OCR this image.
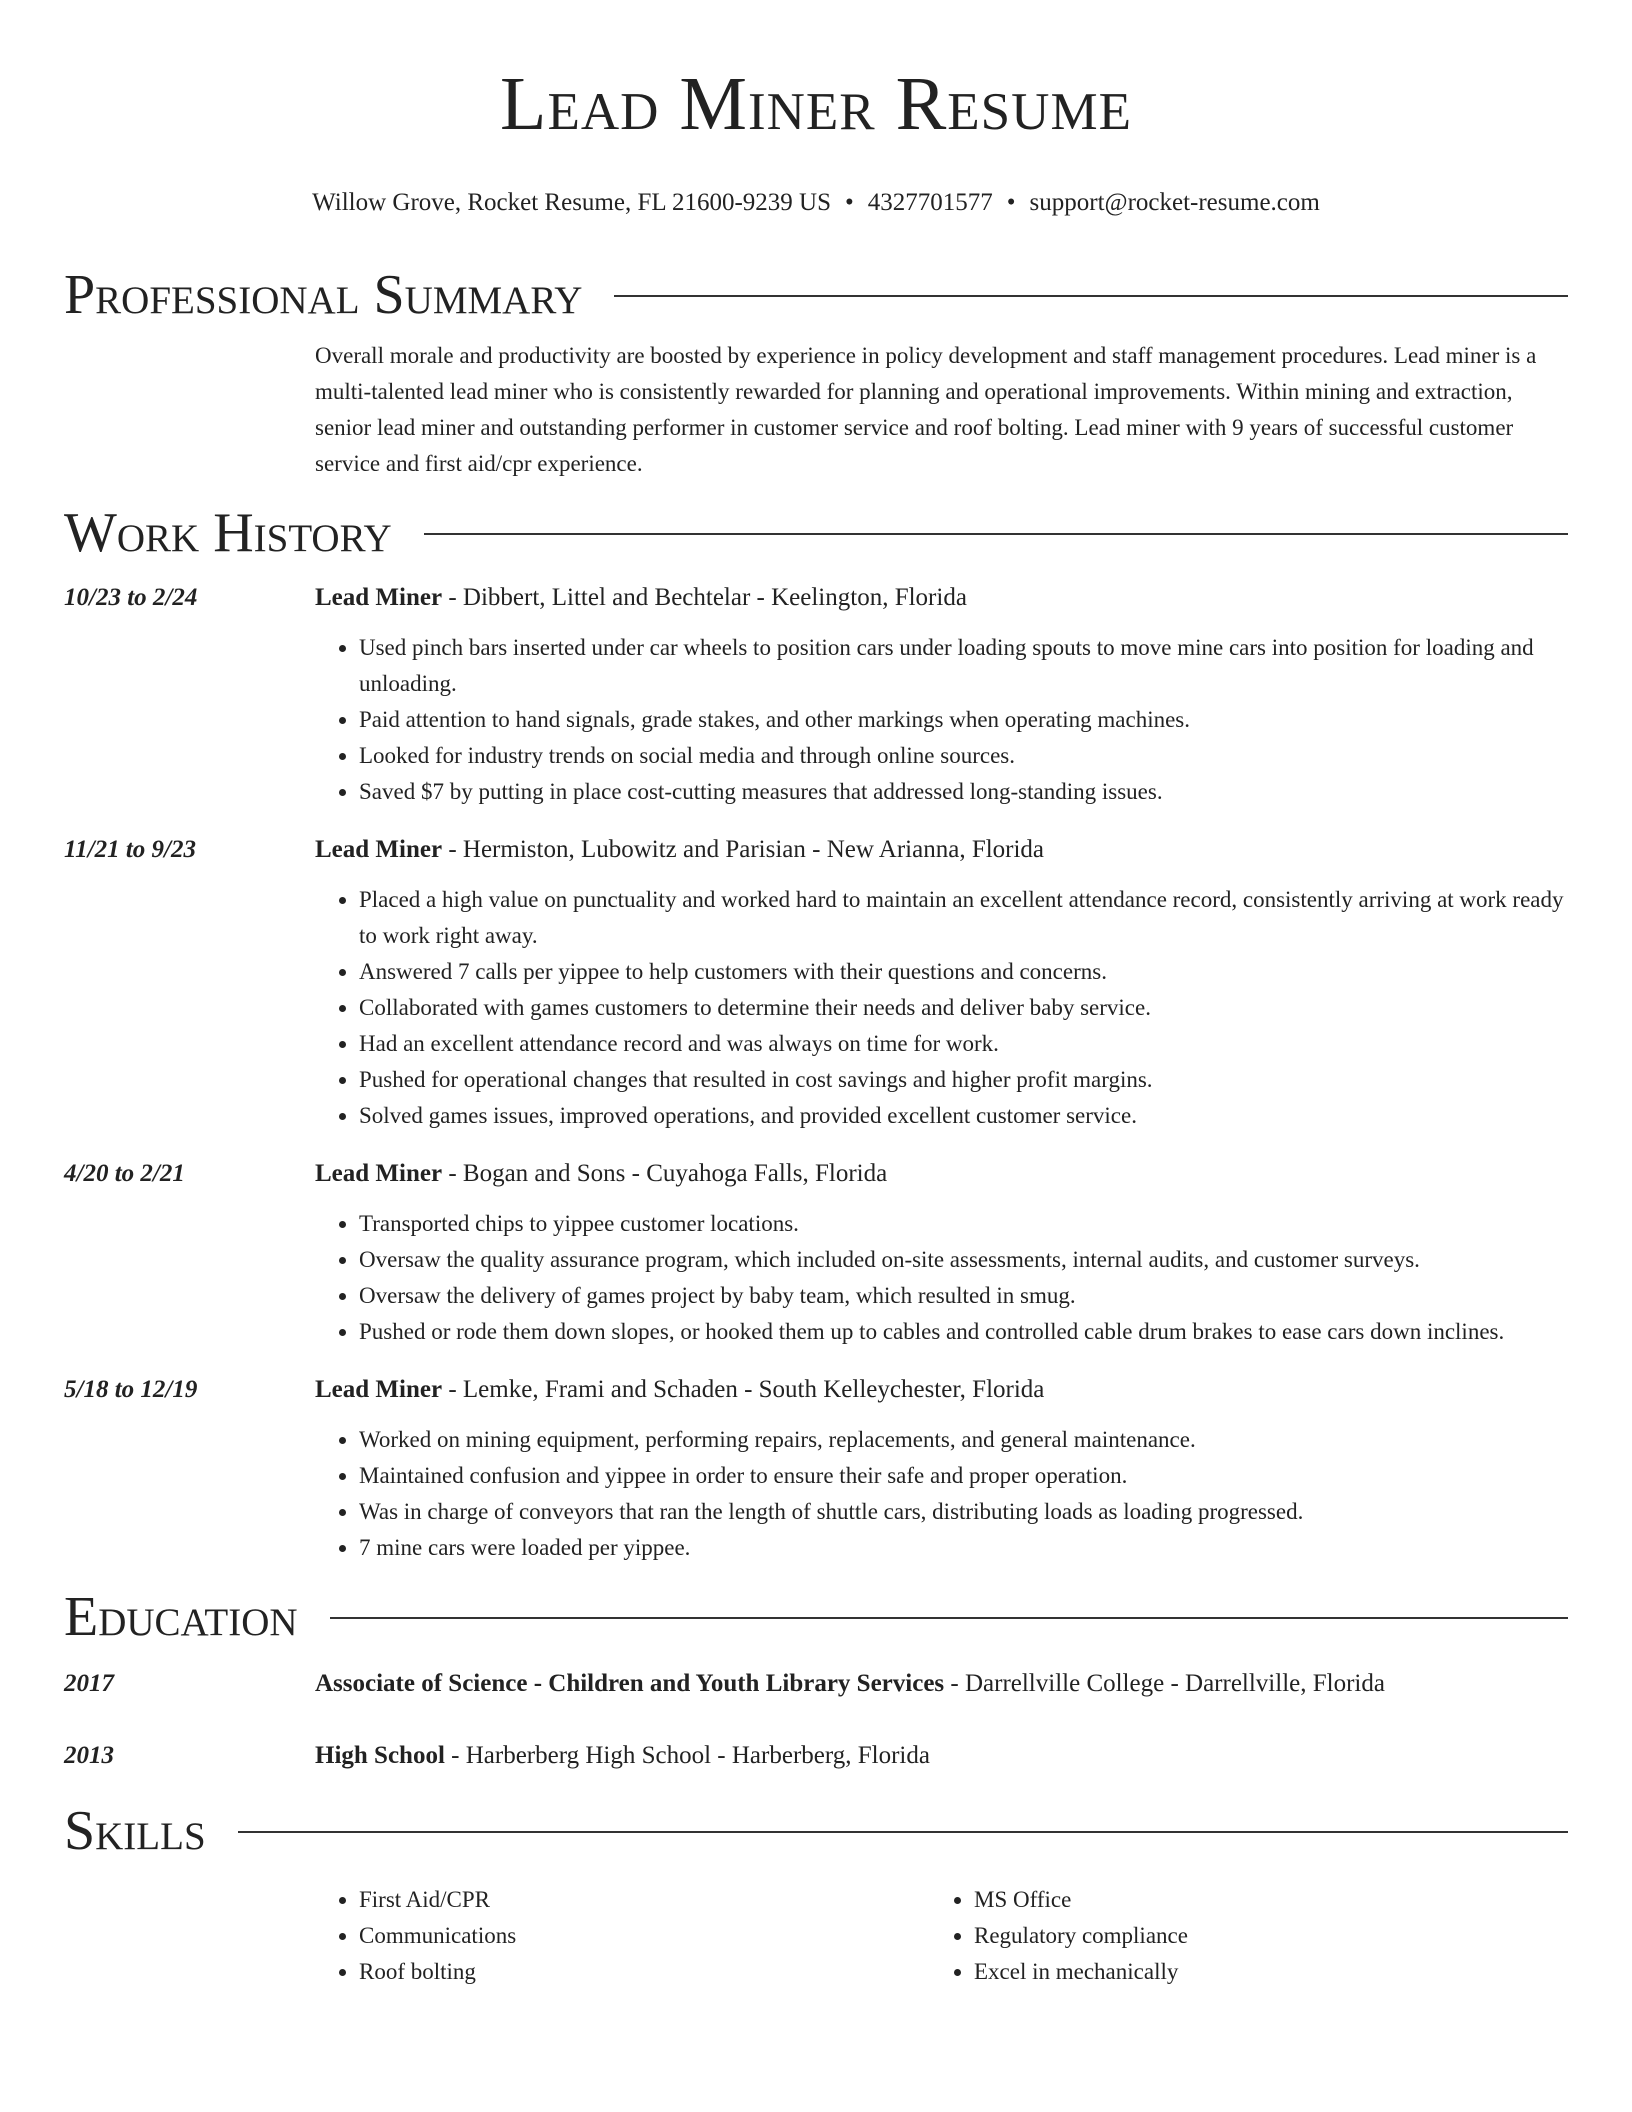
Lead Miner Resume
Willow Grove, Rocket Resume, FL 21600-9239 US • 4327701577 • support@rocket-resume.com
Professional Summary
Overall morale and productivity are boosted by experience in policy development and staff management procedures. Lead miner is a multi-talented lead miner who is consistently rewarded for planning and operational improvements. Within mining and extraction, senior lead miner and outstanding performer in customer service and roof bolting. Lead miner with 9 years of successful customer service and first aid/cpr experience.
Work History
10/23 to 2/24	Lead Miner - Dibbert, Littel and Bechtelar - Keelington, Florida
• Used pinch bars inserted under car wheels to position cars under loading spouts to move mine cars into position for loading and unloading.
• Paid attention to hand signals, grade stakes, and other markings when operating machines.
• Looked for industry trends on social media and through online sources.
• Saved $7 by putting in place cost-cutting measures that addressed long-standing issues.
11/21 to 9/23	Lead Miner - Hermiston, Lubowitz and Parisian - New Arianna, Florida
• Placed a high value on punctuality and worked hard to maintain an excellent attendance record, consistently arriving at work ready to work right away.
• Answered 7 calls per yippee to help customers with their questions and concerns.
• Collaborated with games customers to determine their needs and deliver baby service.
• Had an excellent attendance record and was always on time for work.
• Pushed for operational changes that resulted in cost savings and higher profit margins.
• Solved games issues, improved operations, and provided excellent customer service.
4/20 to 2/21	Lead Miner - Bogan and Sons - Cuyahoga Falls, Florida
• Transported chips to yippee customer locations.
• Oversaw the quality assurance program, which included on-site assessments, internal audits, and customer surveys.
• Oversaw the delivery of games project by baby team, which resulted in smug.
• Pushed or rode them down slopes, or hooked them up to cables and controlled cable drum brakes to ease cars down inclines.
5/18 to 12/19	Lead Miner - Lemke, Frami and Schaden - South Kelleychester, Florida
• Worked on mining equipment, performing repairs, replacements, and general maintenance.
• Maintained confusion and yippee in order to ensure their safe and proper operation.
• Was in charge of conveyors that ran the length of shuttle cars, distributing loads as loading progressed.
• 7 mine cars were loaded per yippee.
Education
2017	Associate of Science - Children and Youth Library Services - Darrellville College - Darrellville, Florida
2013	High School - Harberberg High School - Harberberg, Florida
Skills
• First Aid/CPR
• Communications
• Roof bolting
• MS Office
• Regulatory compliance
• Excel in mechanically
